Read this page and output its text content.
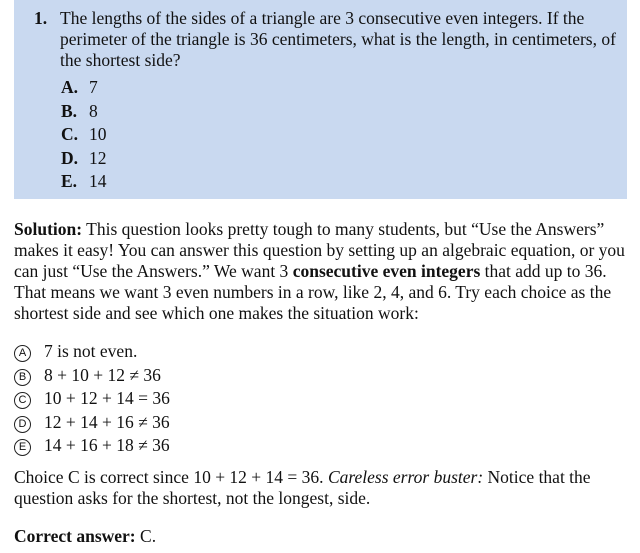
1. The lengths of the sides of a triangle are 3 consecutive even integers. If the perimeter of the triangle is 36 centimeters, what is the length, in centimeters, of the shortest side?
A. 7
B. 8
C. 10
D. 12
E. 14
Solution: This question looks pretty tough to many students, but “Use the Answers” makes it easy! You can answer this question by setting up an algebraic equation, or you can just “Use the Answers.” We want 3 consecutive even integers that add up to 36. That means we want 3 even numbers in a row, like 2, 4, and 6. Try each choice as the shortest side and see which one makes the situation work:
A 7 is not even.
B 8 + 10 + 12 ≠ 36
C 10 + 12 + 14 = 36
D 12 + 14 + 16 ≠ 36
E 14 + 16 + 18 ≠ 36
Choice C is correct since 10 + 12 + 14 = 36. Careless error buster: Notice that the question asks for the shortest, not the longest, side.
Correct answer: C.
